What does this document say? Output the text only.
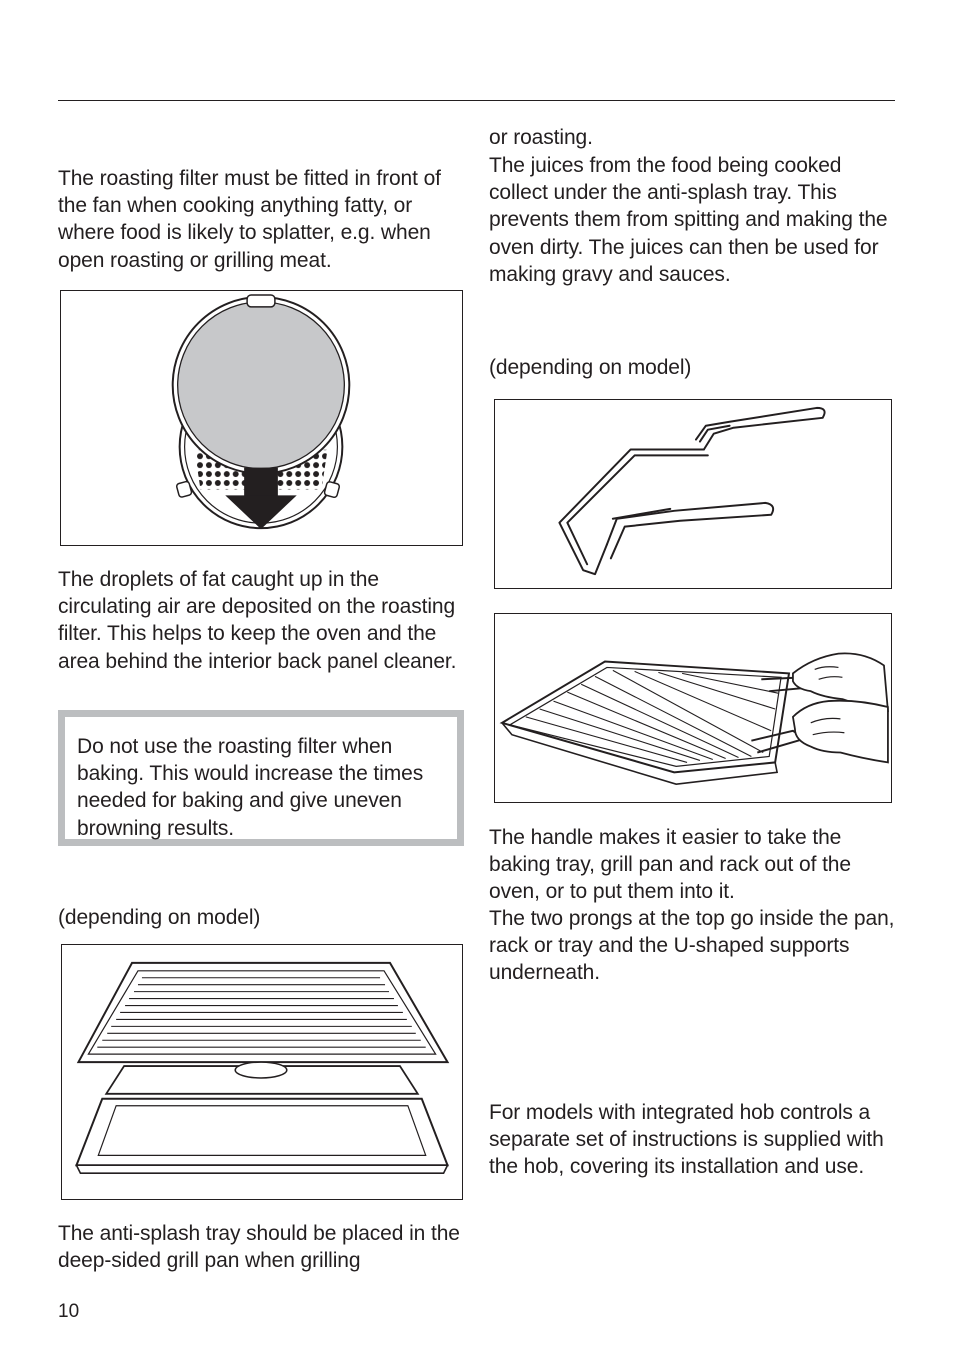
The roasting filter must be fitted in front of the fan when cooking anything fatty, or where food is likely to splatter, e.g. when open roasting or grilling meat.

The droplets of fat caught up in the circulating air are deposited on the roasting filter. This helps to keep the oven and the area behind the interior back panel cleaner.

Do not use the roasting filter when baking. This would increase the times needed for baking and give uneven browning results.

(depending on model)

The anti-splash tray should be placed in the deep-sided grill pan when grilling

or roasting.

The juices from the food being cooked collect under the anti-splash tray. This prevents them from spitting and making the oven dirty. The juices can then be used for making gravy and sauces.

(depending on model)

The handle makes it easier to take the baking tray, grill pan and rack out of the oven, or to put them into it.

The two prongs at the top go inside the pan, rack or tray and the U-shaped supports underneath.

For models with integrated hob controls a separate set of instructions is supplied with the hob, covering its installation and use.

10
